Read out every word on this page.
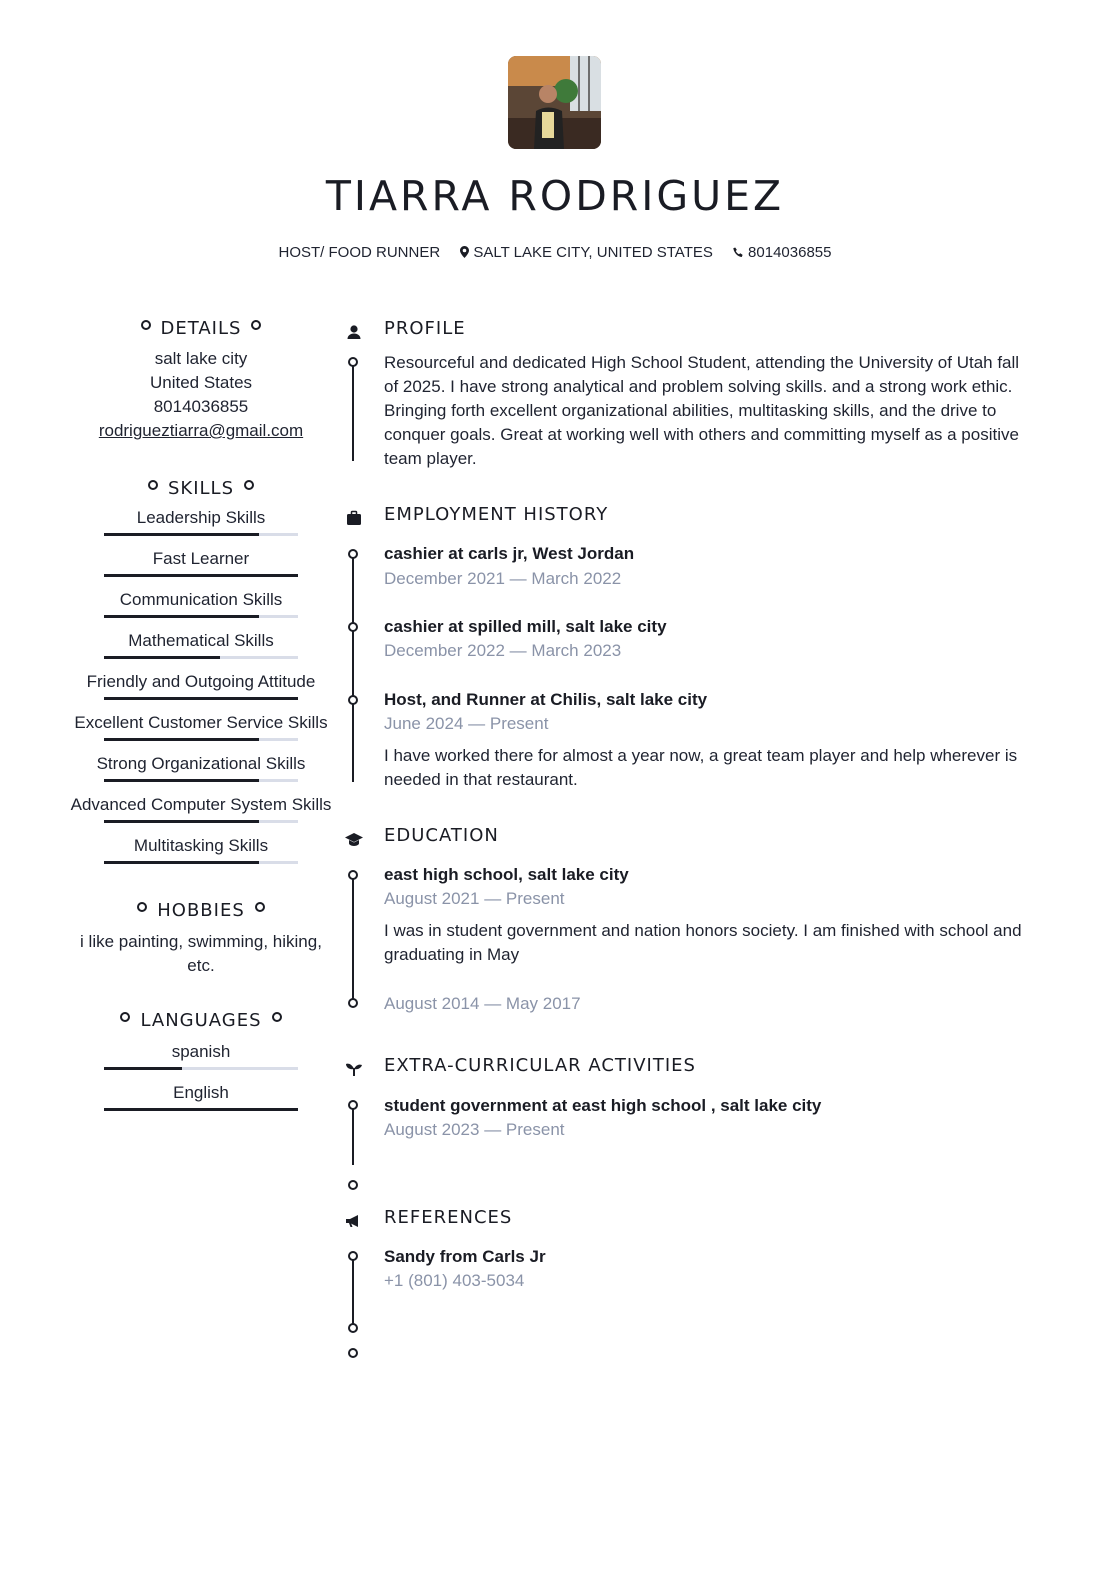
TIARRA RODRIGUEZ
HOST/ FOOD RUNNER SALT LAKE CITY, UNITED STATES 8014036855
DETAILS
salt lake city
United States
8014036855
rodrigueztiarra@gmail.com
SKILLS
Leadership Skills
Fast Learner
Communication Skills
Mathematical Skills
Friendly and Outgoing Attitude
Excellent Customer Service Skills
Strong Organizational Skills
Advanced Computer System Skills
Multitasking Skills
HOBBIES
i like painting, swimming, hiking, etc.
LANGUAGES
spanish
English
PROFILE
Resourceful and dedicated High School Student, attending the University of Utah fall of 2025. I have strong analytical and problem solving skills. and a strong work ethic. Bringing forth excellent organizational abilities, multitasking skills, and the drive to conquer goals. Great at working well with others and committing myself as a positive team player.
EMPLOYMENT HISTORY
cashier at carls jr, West Jordan
December 2021 — March 2022
cashier at spilled mill, salt lake city
December 2022 — March 2023
Host, and Runner at Chilis, salt lake city
June 2024 — Present
I have worked there for almost a year now, a great team player and help wherever is needed in that restaurant.
EDUCATION
east high school, salt lake city
August 2021 — Present
I was in student government and nation honors society. I am finished with school and graduating in May
August 2014 — May 2017
EXTRA-CURRICULAR ACTIVITIES
student government at east high school , salt lake city
August 2023 — Present
REFERENCES
Sandy from Carls Jr
+1 (801) 403-5034
